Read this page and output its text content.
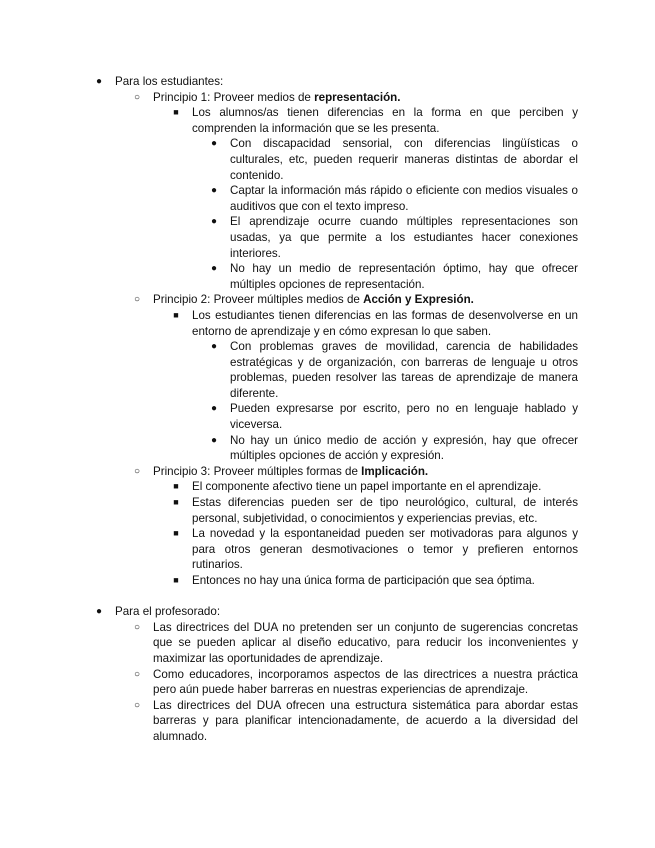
● Para los estudiantes:
○ Principio 1: Proveer medios de representación.
■ Los alumnos/as tienen diferencias en la forma en que perciben y comprenden la información que se les presenta.
● Con discapacidad sensorial, con diferencias lingüísticas o culturales, etc, pueden requerir maneras distintas de abordar el contenido.
● Captar la información más rápido o eficiente con medios visuales o auditivos que con el texto impreso.
● El aprendizaje ocurre cuando múltiples representaciones son usadas, ya que permite a los estudiantes hacer conexiones interiores.
● No hay un medio de representación óptimo, hay que ofrecer múltiples opciones de representación.
○ Principio 2: Proveer múltiples medios de Acción y Expresión.
■ Los estudiantes tienen diferencias en las formas de desenvolverse en un entorno de aprendizaje y en cómo expresan lo que saben.
● Con problemas graves de movilidad, carencia de habilidades estratégicas y de organización, con barreras de lenguaje u otros problemas, pueden resolver las tareas de aprendizaje de manera diferente.
● Pueden expresarse por escrito, pero no en lenguaje hablado y viceversa.
● No hay un único medio de acción y expresión, hay que ofrecer múltiples opciones de acción y expresión.
○ Principio 3: Proveer múltiples formas de Implicación.
■ El componente afectivo tiene un papel importante en el aprendizaje.
■ Estas diferencias pueden ser de tipo neurológico, cultural, de interés personal, subjetividad, o conocimientos y experiencias previas, etc.
■ La novedad y la espontaneidad pueden ser motivadoras para algunos y para otros generan desmotivaciones o temor y prefieren entornos rutinarios.
■ Entonces no hay una única forma de participación que sea óptima.
● Para el profesorado:
○ Las directrices del DUA no pretenden ser un conjunto de sugerencias concretas que se pueden aplicar al diseño educativo, para reducir los inconvenientes y maximizar las oportunidades de aprendizaje.
○ Como educadores, incorporamos aspectos de las directrices a nuestra práctica pero aún puede haber barreras en nuestras experiencias de aprendizaje.
○ Las directrices del DUA ofrecen una estructura sistemática para abordar estas barreras y para planificar intencionadamente, de acuerdo a la diversidad del alumnado.
